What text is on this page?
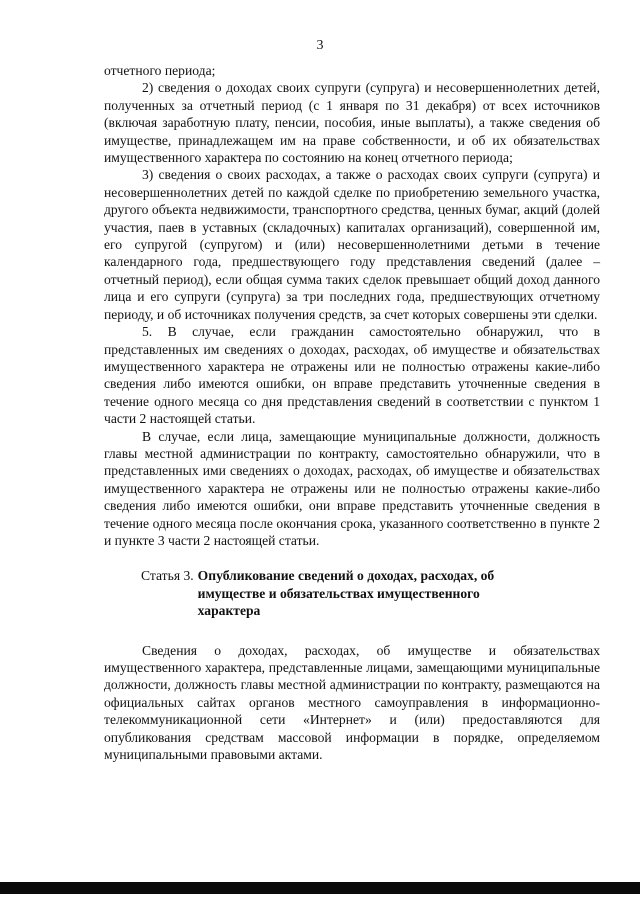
3

отчетного периода;

2) сведения о доходах своих супруги (супруга) и несовершеннолетних детей, полученных за отчетный период (с 1 января по 31 декабря) от всех источников (включая заработную плату, пенсии, пособия, иные выплаты), а также сведения об имуществе, принадлежащем им на праве собственности, и об их обязательствах имущественного характера по состоянию на конец отчетного периода;

3) сведения о своих расходах, а также о расходах своих супруги (супруга) и несовершеннолетних детей по каждой сделке по приобретению земельного участка, другого объекта недвижимости, транспортного средства, ценных бумаг, акций (долей участия, паев в уставных (складочных) капиталах организаций), совершенной им, его супругой (супругом) и (или) несовершеннолетними детьми в течение календарного года, предшествующего году представления сведений (далее – отчетный период), если общая сумма таких сделок превышает общий доход данного лица и его супруги (супруга) за три последних года, предшествующих отчетному периоду, и об источниках получения средств, за счет которых совершены эти сделки.

5. В случае, если гражданин самостоятельно обнаружил, что в представленных им сведениях о доходах, расходах, об имуществе и обязательствах имущественного характера не отражены или не полностью отражены какие-либо сведения либо имеются ошибки, он вправе представить уточненные сведения в течение одного месяца со дня представления сведений в соответствии с пунктом 1 части 2 настоящей статьи.

В случае, если лица, замещающие муниципальные должности, должность главы местной администрации по контракту, самостоятельно обнаружили, что в представленных ими сведениях о доходах, расходах, об имуществе и обязательствах имущественного характера не отражены или не полностью отражены какие-либо сведения либо имеются ошибки, они вправе представить уточненные сведения в течение одного месяца после окончания срока, указанного соответственно в пункте 2 и пункте 3 части 2 настоящей статьи.

Статья 3. Опубликование сведений о доходах, расходах, об имуществе и обязательствах имущественного характера

Сведения о доходах, расходах, об имуществе и обязательствах имущественного характера, представленные лицами, замещающими муниципальные должности, должность главы местной администрации по контракту, размещаются на официальных сайтах органов местного самоуправления в информационно-телекоммуникационной сети «Интернет» и (или) предоставляются для опубликования средствам массовой информации в порядке, определяемом муниципальными правовыми актами.
